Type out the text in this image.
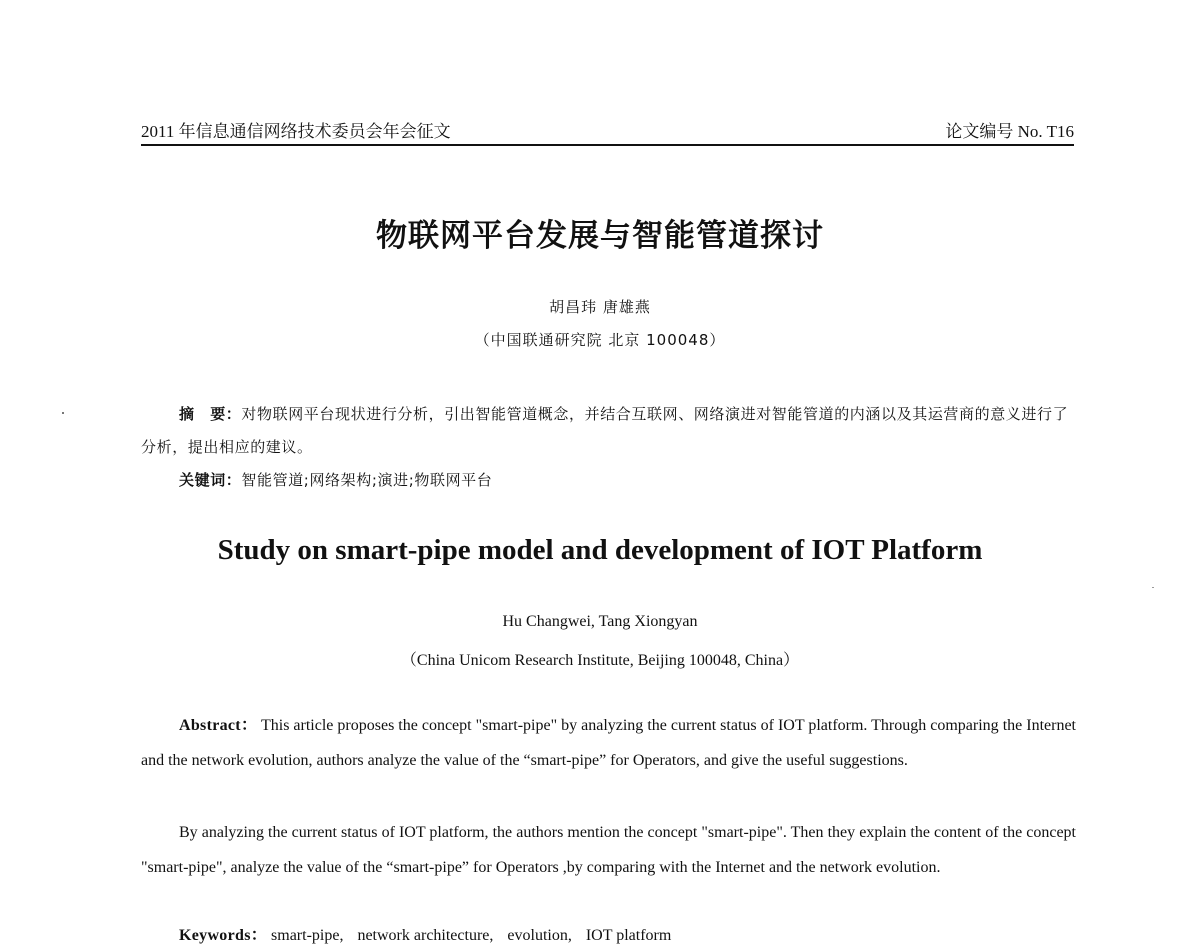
2011 年信息通信网络技术委员会年会征文	论文编号 No. T16
物联网平台发展与智能管道探讨
胡昌玮 唐雄燕
（中国联通研究院 北京 100048）
摘　要：对物联网平台现状进行分析，引出智能管道概念，并结合互联网、网络演进对智能管道的内涵以及其运营商的意义进行了分析，提出相应的建议。
关键词：智能管道;网络架构;演进;物联网平台
Study on smart-pipe model and development of IOT Platform
Hu Changwei, Tang Xiongyan
（China Unicom Research Institute, Beijing 100048, China）
Abstract： This article proposes the concept "smart-pipe" by analyzing the current status of IOT platform. Through comparing the Internet and the network evolution, authors analyze the value of the “smart-pipe” for Operators, and give the useful suggestions.
By analyzing the current status of IOT platform, the authors mention the concept "smart-pipe". Then they explain the content of the concept "smart-pipe", analyze the value of the “smart-pipe” for Operators ,by comparing with the Internet and the network evolution.
Keywords： smart-pipe, network architecture, evolution, IOT platform
